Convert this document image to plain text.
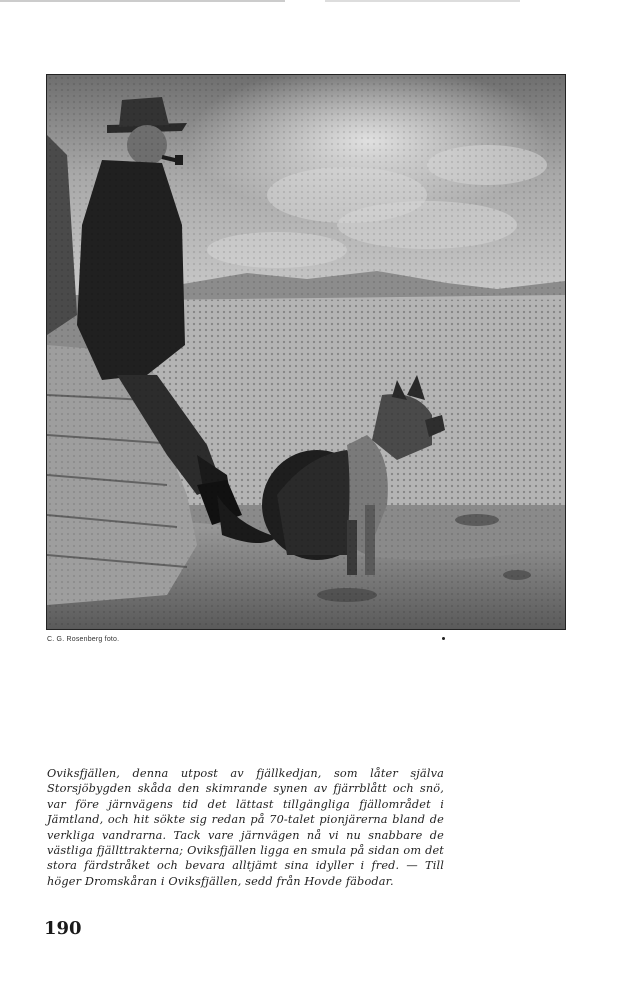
C. G. Rosenberg foto.
Oviksfjällen, denna utpost av fjällkedjan, som låter själva Storsjöbygden skåda den skimrande synen av fjärrblått och snö, var före järnvägens tid det lättast tillgängliga fjällområdet i Jämtland, och hit sökte sig redan på 70-talet pionjärerna bland de verkliga vandrarna. Tack vare järnvägen nå vi nu snabbare de västliga fjällttrakterna; Oviksfjällen ligga en smula på sidan om det stora färdstråket och bevara alltjämt sina idyller i fred. — Till höger Dromskåran i Oviksfjällen, sedd från Hovde fäbodar.
190
